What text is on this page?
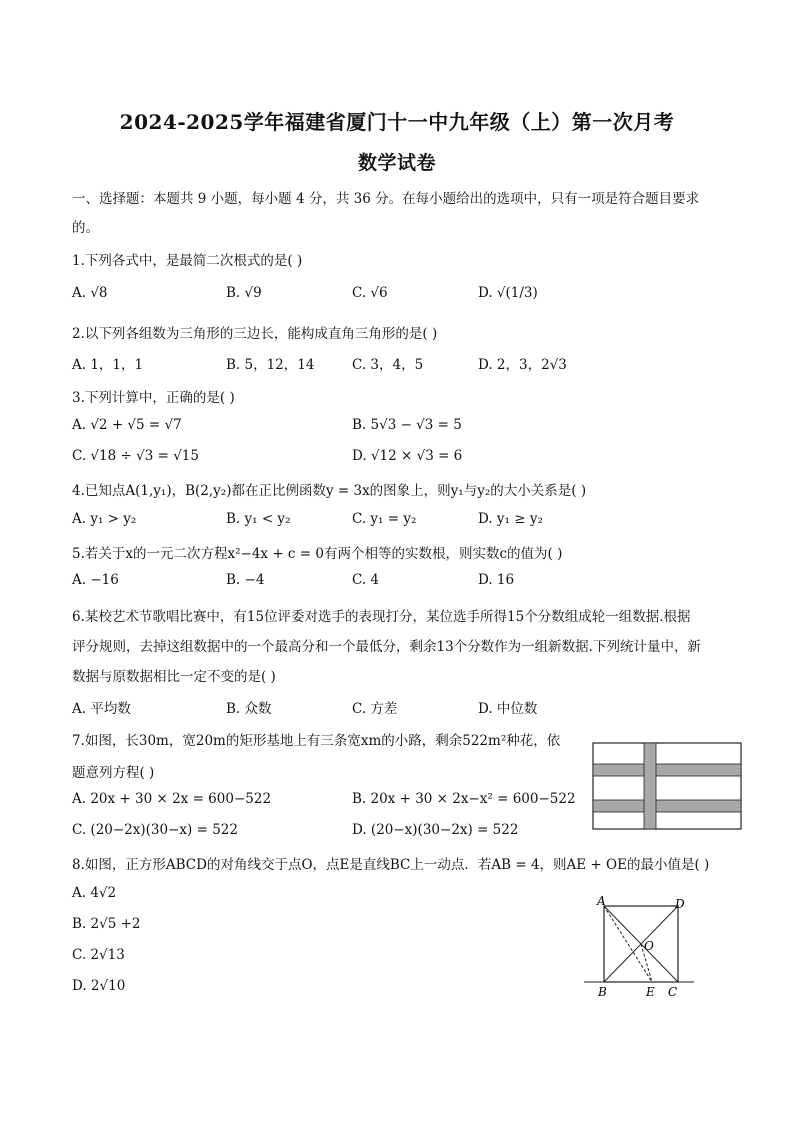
2024-2025学年福建省厦门十一中九年级（上）第一次月考
数学试卷
一、选择题：本题共 9 小题，每小题 4 分，共 36 分。在每小题给出的选项中，只有一项是符合题目要求
的。
1.下列各式中，是最简二次根式的是( )
A. √8	B. √9	C. √6	D. √(1/3)
2.以下列各组数为三角形的三边长，能构成直角三角形的是( )
A. 1，1，1	B. 5，12，14	C. 3，4，5	D. 2，3，2√3
3.下列计算中，正确的是( )
A. √2 + √5 = √7	B. 5√3 − √3 = 5
C. √18 ÷ √3 = √15	D. √12 × √3 = 6
4.已知点A(1,y₁)，B(2,y₂)都在正比例函数y = 3x的图象上，则y₁与y₂的大小关系是( )
A. y₁ > y₂	B. y₁ < y₂	C. y₁ = y₂	D. y₁ ≥ y₂
5.若关于x的一元二次方程x²−4x + c = 0有两个相等的实数根，则实数c的值为( )
A. −16	B. −4	C. 4	D. 16
6.某校艺术节歌唱比赛中，有15位评委对选手的表现打分，某位选手所得15个分数组成轮一组数据.根据
评分规则，去掉这组数据中的一个最高分和一个最低分，剩余13个分数作为一组新数据.下列统计量中，新
数据与原数据相比一定不变的是( )
A. 平均数	B. 众数	C. 方差	D. 中位数
7.如图，长30m，宽20m的矩形基地上有三条宽xm的小路，剩余522m²种花，依
题意列方程( )
A. 20x + 30 × 2x = 600−522	B. 20x + 30 × 2x−x² = 600−522
C. (20−2x)(30−x) = 522	D. (20−x)(30−2x) = 522
8.如图，正方形ABCD的对角线交于点O，点E是直线BC上一动点．若AB = 4，则AE + OE的最小值是( )
A. 4√2
B. 2√5 +2
C. 2√13
D. 2√10
A	D
O
B	E C
